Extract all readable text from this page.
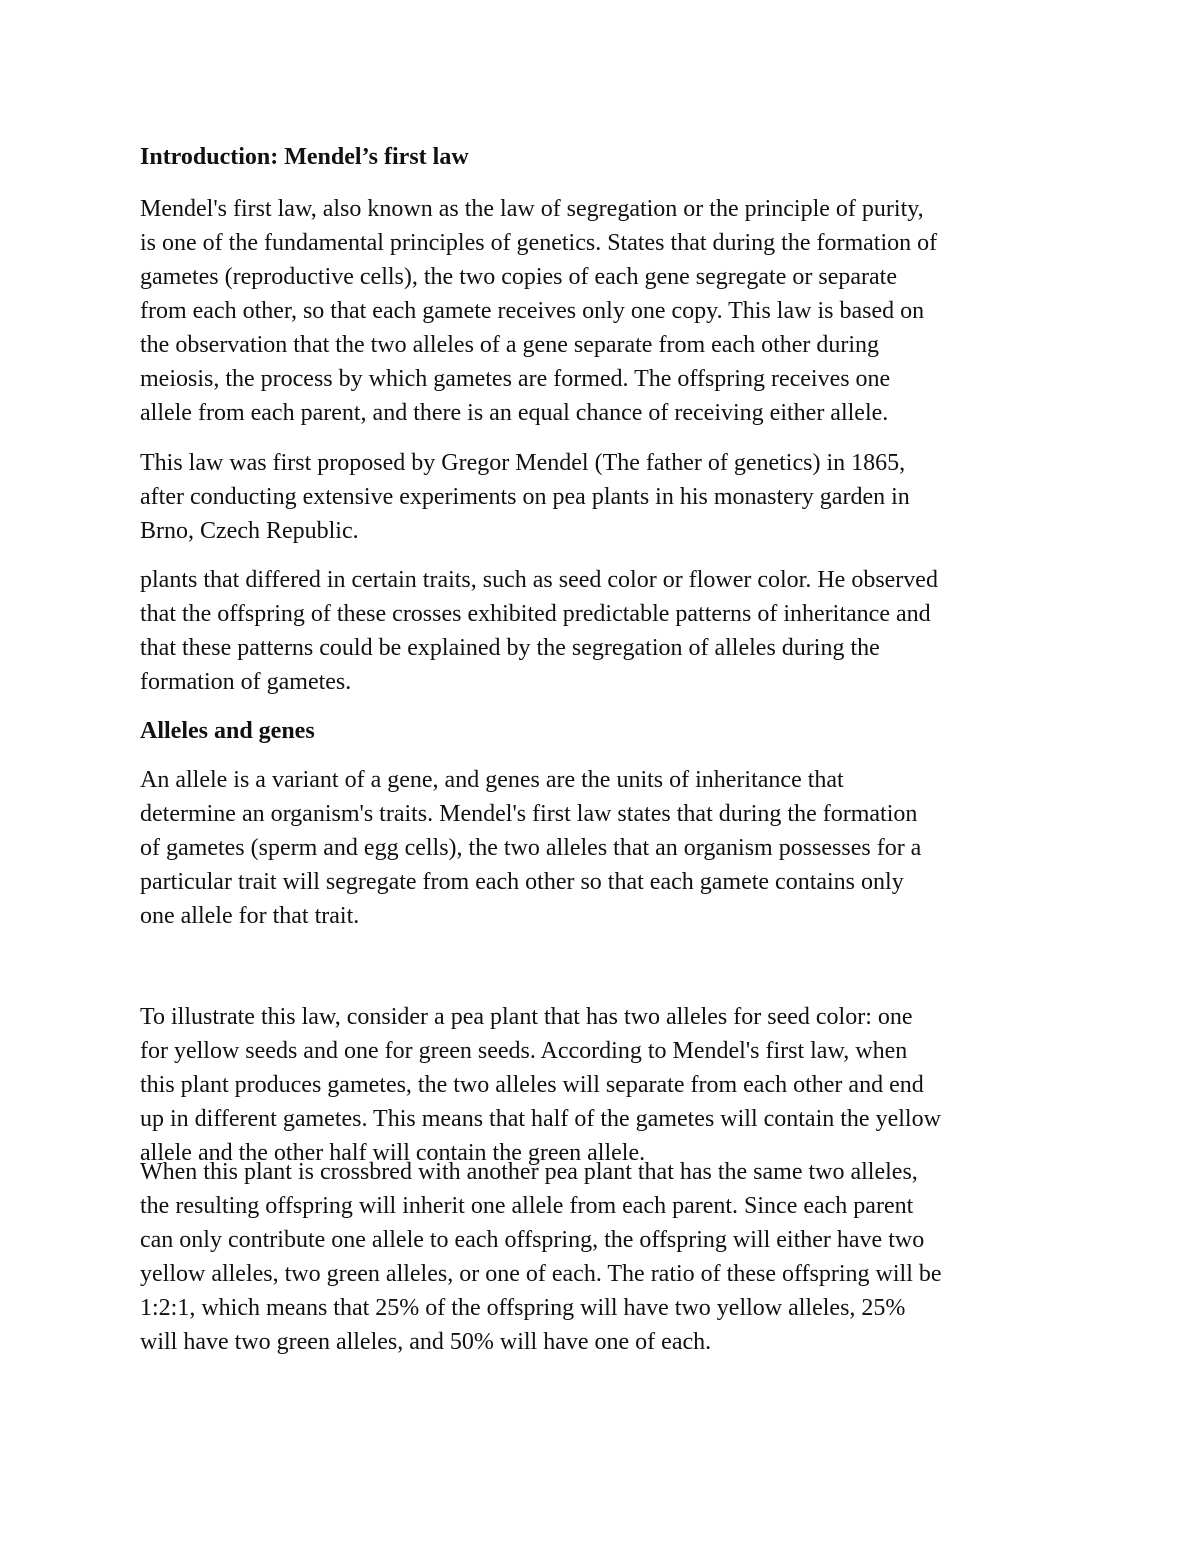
Introduction: Mendel’s first law
Mendel's first law, also known as the law of segregation or the principle of purity,
is one of the fundamental principles of genetics. States that during the formation of
gametes (reproductive cells), the two copies of each gene segregate or separate
from each other, so that each gamete receives only one copy. This law is based on
the observation that the two alleles of a gene separate from each other during
meiosis, the process by which gametes are formed. The offspring receives one
allele from each parent, and there is an equal chance of receiving either allele.
This law was first proposed by Gregor Mendel (The father of genetics) in 1865,
after conducting extensive experiments on pea plants in his monastery garden in
Brno, Czech Republic.
plants that differed in certain traits, such as seed color or flower color. He observed
that the offspring of these crosses exhibited predictable patterns of inheritance and
that these patterns could be explained by the segregation of alleles during the
formation of gametes.
Alleles and genes
An allele is a variant of a gene, and genes are the units of inheritance that
determine an organism's traits. Mendel's first law states that during the formation
of gametes (sperm and egg cells), the two alleles that an organism possesses for a
particular trait will segregate from each other so that each gamete contains only
one allele for that trait.
To illustrate this law, consider a pea plant that has two alleles for seed color: one
for yellow seeds and one for green seeds. According to Mendel's first law, when
this plant produces gametes, the two alleles will separate from each other and end
up in different gametes. This means that half of the gametes will contain the yellow
allele and the other half will contain the green allele.
When this plant is crossbred with another pea plant that has the same two alleles,
the resulting offspring will inherit one allele from each parent. Since each parent
can only contribute one allele to each offspring, the offspring will either have two
yellow alleles, two green alleles, or one of each. The ratio of these offspring will be
1:2:1, which means that 25% of the offspring will have two yellow alleles, 25%
will have two green alleles, and 50% will have one of each.
